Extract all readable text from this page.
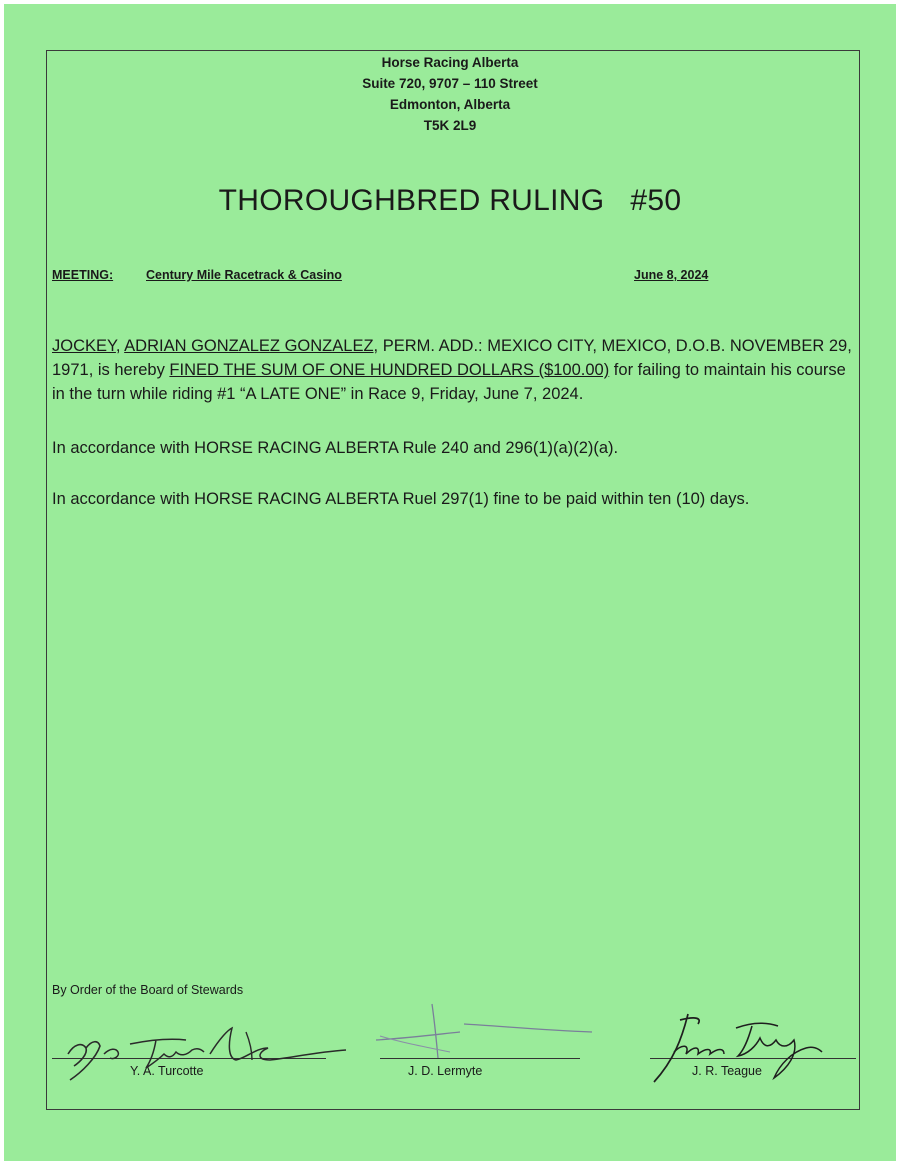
Horse Racing Alberta
Suite 720, 9707 – 110 Street
Edmonton, Alberta
T5K 2L9
THOROUGHBRED RULING #50
MEETING:	Century Mile Racetrack & Casino	June 8, 2024
JOCKEY, ADRIAN GONZALEZ GONZALEZ, PERM. ADD.: MEXICO CITY, MEXICO, D.O.B. NOVEMBER 29, 1971, is hereby FINED THE SUM OF ONE HUNDRED DOLLARS ($100.00) for failing to maintain his course in the turn while riding #1 “A LATE ONE” in Race 9, Friday, June 7, 2024.
In accordance with HORSE RACING ALBERTA Rule 240 and 296(1)(a)(2)(a).
In accordance with HORSE RACING ALBERTA Ruel 297(1) fine to be paid within ten (10) days.
By Order of the Board of Stewards
Y. A. Turcotte	J. D. Lermyte	J. R. Teague
